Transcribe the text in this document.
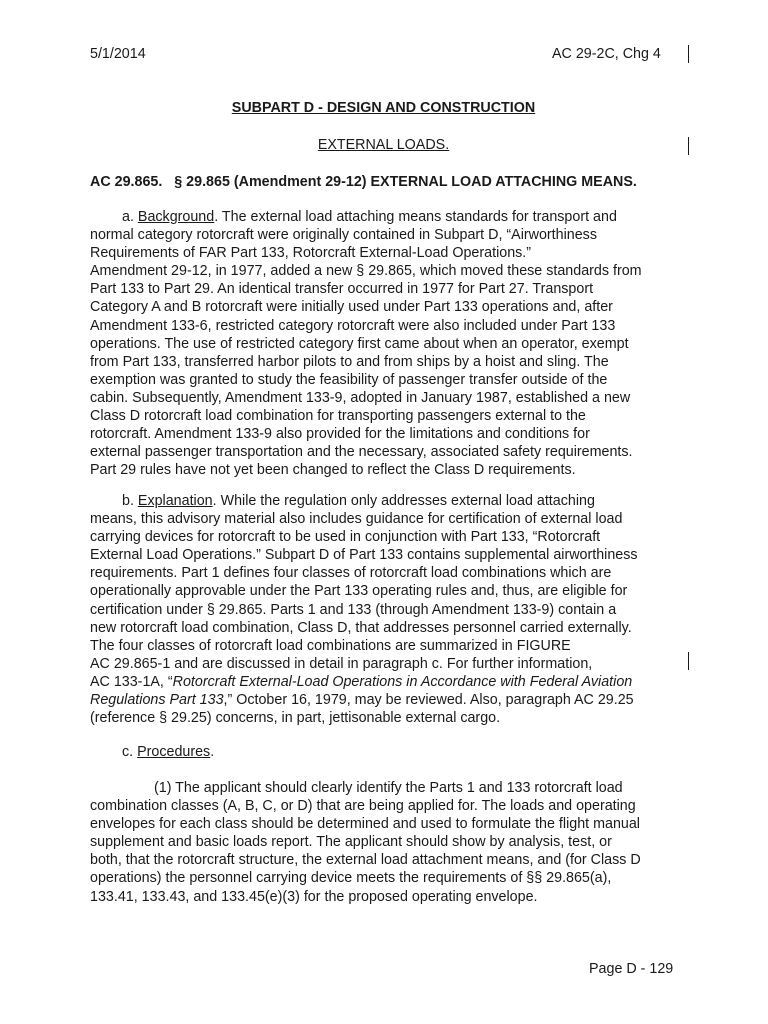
5/1/2014	AC 29-2C, Chg 4
SUBPART D - DESIGN AND CONSTRUCTION
EXTERNAL LOADS.
AC 29.865.   § 29.865 (Amendment 29-12) EXTERNAL LOAD ATTACHING MEANS.
a. Background. The external load attaching means standards for transport and
normal category rotorcraft were originally contained in Subpart D, “Airworthiness
Requirements of FAR Part 133, Rotorcraft External-Load Operations.”
Amendment 29-12, in 1977, added a new § 29.865, which moved these standards from
Part 133 to Part 29. An identical transfer occurred in 1977 for Part 27. Transport
Category A and B rotorcraft were initially used under Part 133 operations and, after
Amendment 133-6, restricted category rotorcraft were also included under Part 133
operations. The use of restricted category first came about when an operator, exempt
from Part 133, transferred harbor pilots to and from ships by a hoist and sling. The
exemption was granted to study the feasibility of passenger transfer outside of the
cabin. Subsequently, Amendment 133-9, adopted in January 1987, established a new
Class D rotorcraft load combination for transporting passengers external to the
rotorcraft. Amendment 133-9 also provided for the limitations and conditions for
external passenger transportation and the necessary, associated safety requirements.
Part 29 rules have not yet been changed to reflect the Class D requirements.
b. Explanation. While the regulation only addresses external load attaching
means, this advisory material also includes guidance for certification of external load
carrying devices for rotorcraft to be used in conjunction with Part 133, “Rotorcraft
External Load Operations.” Subpart D of Part 133 contains supplemental airworthiness
requirements. Part 1 defines four classes of rotorcraft load combinations which are
operationally approvable under the Part 133 operating rules and, thus, are eligible for
certification under § 29.865. Parts 1 and 133 (through Amendment 133-9) contain a
new rotorcraft load combination, Class D, that addresses personnel carried externally.
The four classes of rotorcraft load combinations are summarized in FIGURE
AC 29.865-1 and are discussed in detail in paragraph c. For further information,
AC 133-1A, “Rotorcraft External-Load Operations in Accordance with Federal Aviation
Regulations Part 133,” October 16, 1979, may be reviewed. Also, paragraph AC 29.25
(reference § 29.25) concerns, in part, jettisonable external cargo.
c. Procedures.
(1) The applicant should clearly identify the Parts 1 and 133 rotorcraft load
combination classes (A, B, C, or D) that are being applied for. The loads and operating
envelopes for each class should be determined and used to formulate the flight manual
supplement and basic loads report. The applicant should show by analysis, test, or
both, that the rotorcraft structure, the external load attachment means, and (for Class D
operations) the personnel carrying device meets the requirements of §§ 29.865(a),
133.41, 133.43, and 133.45(e)(3) for the proposed operating envelope.
Page D - 129
